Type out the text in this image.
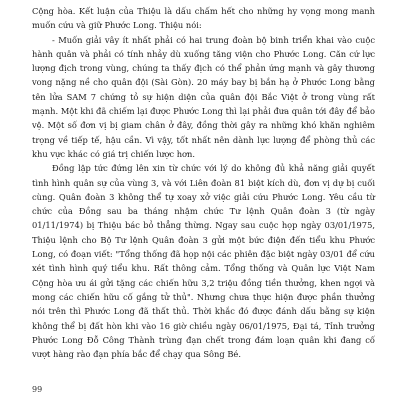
Cộng hòa. Kết luận của Thiệu là dấu chấm hết cho những hy vọng mong manh muốn cứu và giữ Phước Long. Thiệu nói:

- Muốn giải vây ít nhất phải có hai trung đoàn bộ binh triển khai vào cuộc hành quân và phải có tính nhảy dù xuống tăng viện cho Phước Long. Căn cứ lực lượng địch trong vùng, chúng ta thấy địch có thể phản ứng mạnh và gây thương vong nặng nề cho quân đội (Sài Gòn). 20 máy bay bị bắn hạ ở Phước Long bằng tên lửa SAM 7 chứng tỏ sự hiện diện của quân đội Bắc Việt ở trong vùng rất mạnh. Một khi đã chiếm lại được Phước Long thì lại phải đưa quân tới đây để bảo vệ. Một số đơn vị bị giam chân ở đây, đồng thời gây ra những khó khăn nghiêm trọng về tiếp tế, hậu cần. Vì vậy, tốt nhất nên dành lực lượng để phòng thủ các khu vực khác có giá trị chiến lược hơn.

Đồng lập tức đứng lên xin từ chức với lý do không đủ khả năng giải quyết tình hình quân sự của vùng 3, và với Liên đoàn 81 biệt kích dù, đơn vị dự bị cuối cùng. Quân đoàn 3 không thể tự xoay xở việc giải cứu Phước Long. Yêu cầu từ chức của Đồng sau ba tháng nhậm chức Tư lệnh Quân đoàn 3 (từ ngày 01/11/1974) bị Thiệu bác bỏ thẳng thừng. Ngay sau cuộc họp ngày 03/01/1975, Thiệu lệnh cho Bộ Tư lệnh Quân đoàn 3 gửi một bức điện đến tiểu khu Phước Long, có đoạn viết: "Tổng thống đã họp nội các phiên đặc biệt ngày 03/01 để cứu xét tình hình quý tiểu khu. Rất thông cảm. Tổng thống và Quân lực Việt Nam Cộng hòa ưu ái gửi tặng các chiến hữu 3,2 triệu đồng tiền thưởng, khen ngợi và mong các chiến hữu cố gắng tử thủ". Nhưng chưa thực hiện được phần thưởng nói trên thì Phước Long đã thất thủ. Thời khắc đó được đánh dấu bằng sự kiện không thể bị đất hòn khi vào 16 giờ chiều ngày 06/01/1975, Đại tá, Tỉnh trưởng Phước Long Đỗ Công Thành trùng đạn chết trong đám loạn quân khi đang cố vượt hàng rào đạn phía bắc để chạy qua Sông Bé.

99
